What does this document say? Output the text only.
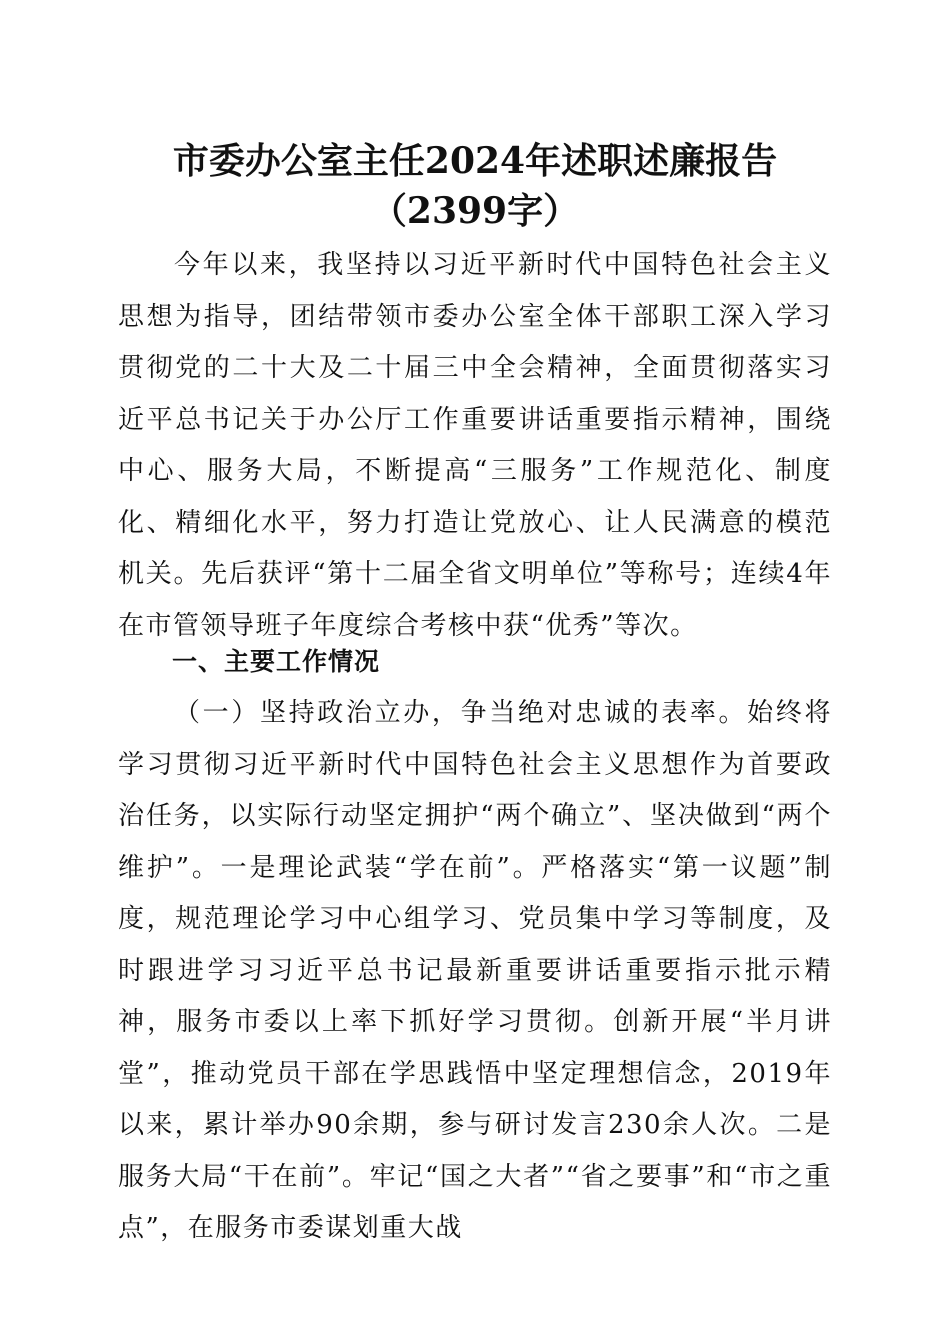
市委办公室主任2024年述职述廉报告（2399字）

今年以来，我坚持以习近平新时代中国特色社会主义思想为指导，团结带领市委办公室全体干部职工深入学习贯彻党的二十大及二十届三中全会精神，全面贯彻落实习近平总书记关于办公厅工作重要讲话重要指示精神，围绕中心、服务大局，不断提高“三服务”工作规范化、制度化、精细化水平，努力打造让党放心、让人民满意的模范机关。先后获评“第十二届全省文明单位”等称号；连续4年在市管领导班子年度综合考核中获“优秀”等次。

一、主要工作情况

（一）坚持政治立办，争当绝对忠诚的表率。始终将学习贯彻习近平新时代中国特色社会主义思想作为首要政治任务，以实际行动坚定拥护“两个确立”、坚决做到“两个维护”。一是理论武装“学在前”。严格落实“第一议题”制度，规范理论学习中心组学习、党员集中学习等制度，及时跟进学习习近平总书记最新重要讲话重要指示批示精神，服务市委以上率下抓好学习贯彻。创新开展“半月讲堂”，推动党员干部在学思践悟中坚定理想信念，2019年以来，累计举办90余期，参与研讨发言230余人次。二是服务大局“干在前”。牢记“国之大者”“省之要事”和“市之重点”，在服务市委谋划重大战
